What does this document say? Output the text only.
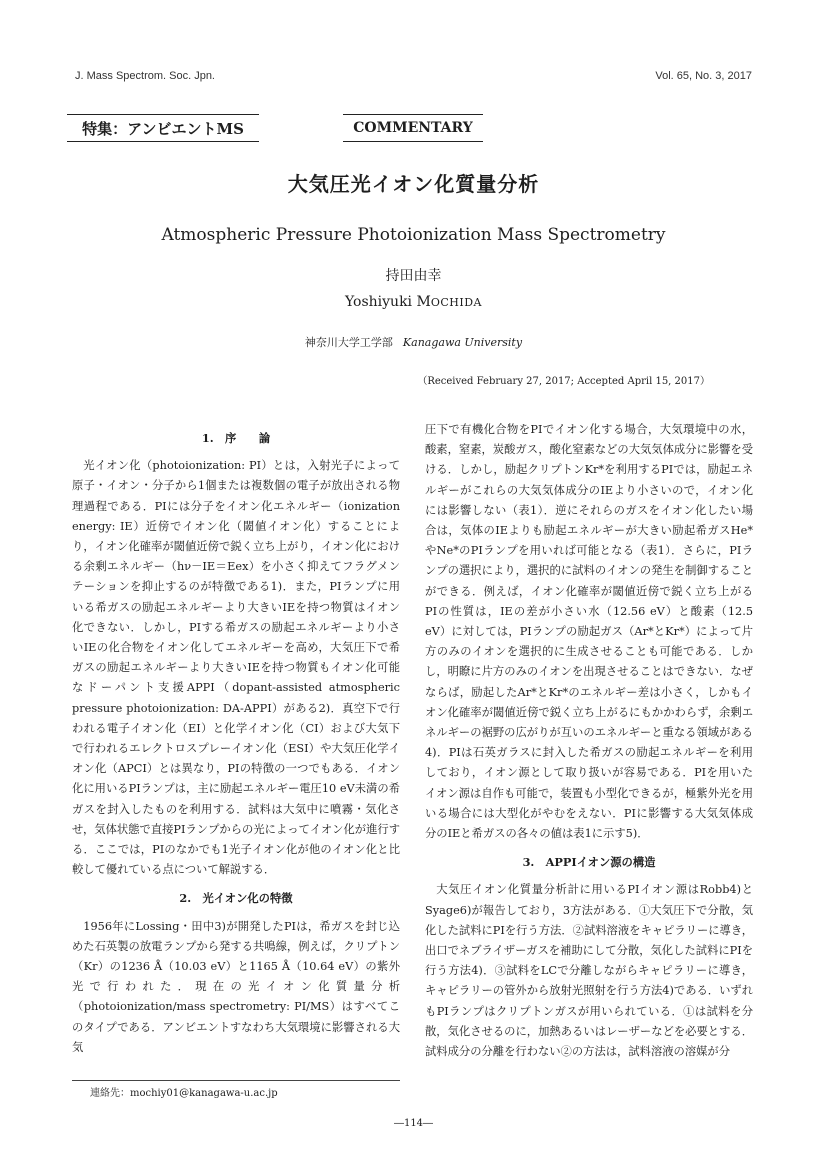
J. Mass Spectrom. Soc. Jpn.	Vol. 65, No. 3, 2017
特集：アンビエントMS	COMMENTARY
大気圧光イオン化質量分析
Atmospheric Pressure Photoionization Mass Spectrometry
持田由幸
Yoshiyuki MOCHIDA
神奈川大学工学部 Kanagawa University
（Received February 27, 2017; Accepted April 15, 2017）
1.　序　　論

光イオン化（photoionization: PI）とは，入射光子によって原子・イオン・分子から1個または複数個の電子が放出される物理過程である．PIには分子をイオン化エネルギー（ionization energy: IE）近傍でイオン化（閾値イオン化）することにより，イオン化確率が閾値近傍で鋭く立ち上がり，イオン化における余剰エネルギー（hν－IE＝Eex）を小さく抑えてフラグメンテーションを抑止するのが特徴である1)．また，PIランプに用いる希ガスの励起エネルギーより大きいIEを持つ物質はイオン化できない．しかし，PIする希ガスの励起エネルギーより小さいIEの化合物をイオン化してエネルギーを高め，大気圧下で希ガスの励起エネルギーより大きいIEを持つ物質もイオン化可能なドーパント支援APPI（dopant-assisted atmospheric pressure photoionization: DA-APPI）がある2)．真空下で行われる電子イオン化（EI）と化学イオン化（CI）および大気下で行われるエレクトロスプレーイオン化（ESI）や大気圧化学イオン化（APCI）とは異なり，PIの特徴の一つでもある．イオン化に用いるPIランプは，主に励起エネルギー電圧10 eV未満の希ガスを封入したものを利用する．試料は大気中に噴霧・気化させ，気体状態で直接PIランプからの光によってイオン化が進行する．ここでは，PIのなかでも1光子イオン化が他のイオン化と比較して優れている点について解説する．

2.　光イオン化の特徴

1956年にLossing・田中3)が開発したPIは，希ガスを封じ込めた石英製の放電ランプから発する共鳴線，例えば，クリプトン（Kr）の1236 Å（10.03 eV）と1165 Å（10.64 eV）の紫外光で行われた．現在の光イオン化質量分析（photoionization/mass spectrometry: PI/MS）はすべてこのタイプである．アンビエントすなわち大気環境に影響される大気

圧下で有機化合物をPIでイオン化する場合，大気環境中の水，酸素，窒素，炭酸ガス，酸化窒素などの大気気体成分に影響を受ける．しかし，励起クリプトンKr*を利用するPIでは，励起エネルギーがこれらの大気気体成分のIEより小さいので，イオン化には影響しない（表1）．逆にそれらのガスをイオン化したい場合は，気体のIEよりも励起エネルギーが大きい励起希ガスHe*やNe*のPIランプを用いれば可能となる（表1）．さらに，PIランプの選択により，選択的に試料のイオンの発生を制御することができる．例えば，イオン化確率が閾値近傍で鋭く立ち上がるPIの性質は，IEの差が小さい水（12.56 eV）と酸素（12.5 eV）に対しては，PIランプの励起ガス（Ar*とKr*）によって片方のみのイオンを選択的に生成させることも可能である．しかし，明瞭に片方のみのイオンを出現させることはできない．なぜならば，励起したAr*とKr*のエネルギー差は小さく，しかもイオン化確率が閾値近傍で鋭く立ち上がるにもかかわらず，余剰エネルギーの裾野の広がりが互いのエネルギーと重なる領域がある4)．PIは石英ガラスに封入した希ガスの励起エネルギーを利用しており，イオン源として取り扱いが容易である．PIを用いたイオン源は自作も可能で，装置も小型化できるが，極紫外光を用いる場合には大型化がやむをえない．PIに影響する大気気体成分のIEと希ガスの各々の値は表1に示す5)．

3.　APPIイオン源の構造

大気圧イオン化質量分析計に用いるPIイオン源はRobb4)とSyage6)が報告しており，3方法がある．①大気圧下で分散，気化した試料にPIを行う方法．②試料溶液をキャピラリーに導き，出口でネブライザーガスを補助にして分散，気化した試料にPIを行う方法4)．③試料をLCで分離しながらキャピラリーに導き，キャピラリーの管外から放射光照射を行う方法4)である．いずれもPIランプはクリプトンガスが用いられている．①は試料を分散，気化させるのに，加熱あるいはレーザーなどを必要とする．試料成分の分離を行わない②の方法は，試料溶液の溶媒が分

連絡先：mochiy01@kanagawa-u.ac.jp
―114―
